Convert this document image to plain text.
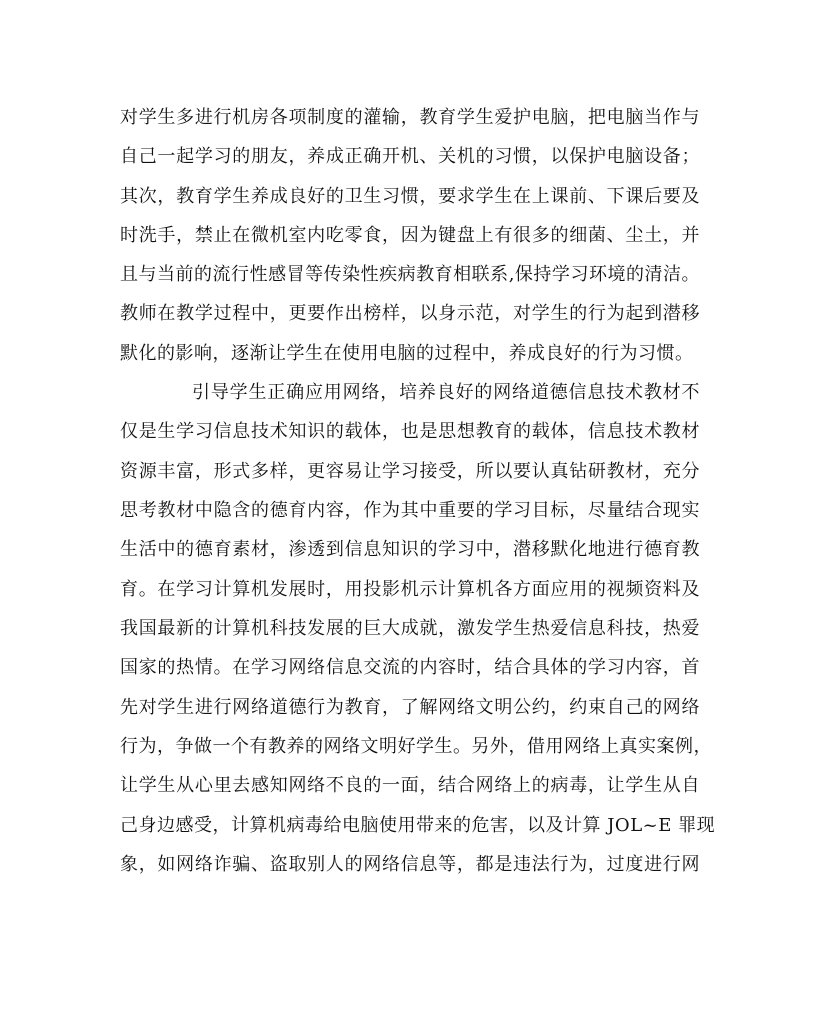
对学生多进行机房各项制度的灌输，教育学生爱护电脑，把电脑当作与
自己一起学习的朋友，养成正确开机、关机的习惯，以保护电脑设备；
其次，教育学生养成良好的卫生习惯，要求学生在上课前、下课后要及
时洗手，禁止在微机室内吃零食，因为键盘上有很多的细菌、尘土，并
且与当前的流行性感冒等传染性疾病教育相联系,保持学习环境的清洁。
教师在教学过程中，更要作出榜样，以身示范，对学生的行为起到潜移
默化的影响，逐渐让学生在使用电脑的过程中，养成良好的行为习惯。
引导学生正确应用网络，培养良好的网络道德信息技术教材不
仅是生学习信息技术知识的载体，也是思想教育的载体，信息技术教材
资源丰富，形式多样，更容易让学习接受，所以要认真钻研教材，充分
思考教材中隐含的德育内容，作为其中重要的学习目标，尽量结合现实
生活中的德育素材，渗透到信息知识的学习中，潜移默化地进行德育教
育。在学习计算机发展时，用投影机示计算机各方面应用的视频资料及
我国最新的计算机科技发展的巨大成就，激发学生热爱信息科技，热爱
国家的热情。在学习网络信息交流的内容时，结合具体的学习内容，首
先对学生进行网络道德行为教育，了解网络文明公约，约束自己的网络
行为，争做一个有教养的网络文明好学生。另外，借用网络上真实案例，
让学生从心里去感知网络不良的一面，结合网络上的病毒，让学生从自
己身边感受，计算机病毒给电脑使用带来的危害，以及计算 JOL~E 罪现
象，如网络诈骗、盗取别人的网络信息等，都是违法行为，过度进行网
